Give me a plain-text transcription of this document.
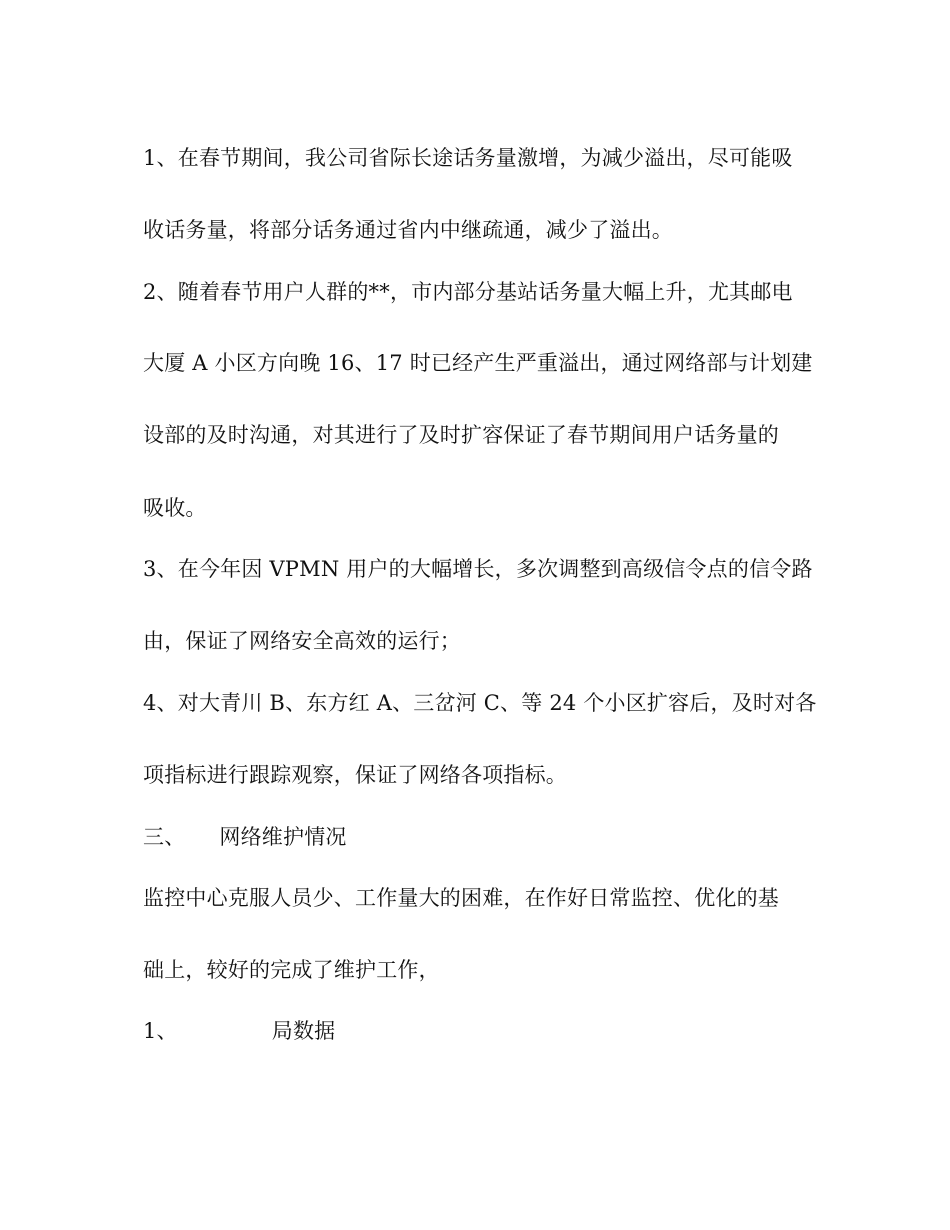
1、在春节期间，我公司省际长途话务量激增，为减少溢出，尽可能吸
收话务量，将部分话务通过省内中继疏通，减少了溢出。
2、随着春节用户人群的**，市内部分基站话务量大幅上升，尤其邮电
大厦 A 小区方向晚 16、17 时已经产生严重溢出，通过网络部与计划建
设部的及时沟通，对其进行了及时扩容保证了春节期间用户话务量的
吸收。
3、在今年因 VPMN 用户的大幅增长，多次调整到高级信令点的信令路
由，保证了网络安全高效的运行；
4、对大青川 B、东方红 A、三岔河 C、等 24 个小区扩容后，及时对各
项指标进行跟踪观察，保证了网络各项指标。
三、 网络维护情况
监控中心克服人员少、工作量大的困难，在作好日常监控、优化的基
础上，较好的完成了维护工作，
1、	局数据
